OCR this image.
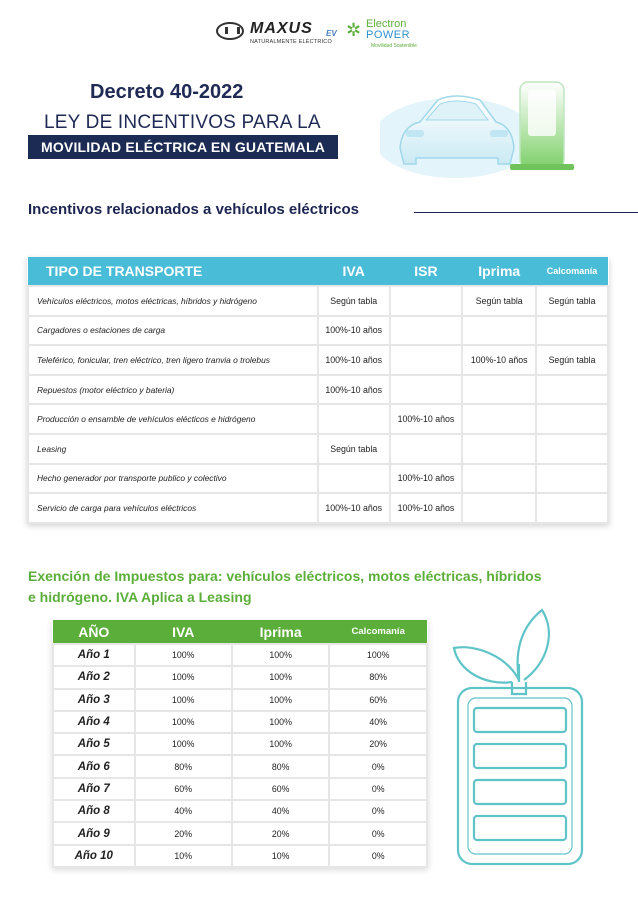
MAXUS EV
NATURALMENTE ELÉCTRICO
✲ Electron
POWER
Movilidad Sostenible
Decreto 40-2022
LEY DE INCENTIVOS PARA LA
MOVILIDAD ELÉCTRICA EN GUATEMALA
Incentivos relacionados a vehículos eléctricos
TIPO DE TRANSPORTE	IVA	ISR	Iprima	Calcomanía
Vehículos eléctricos, motos eléctricas, híbridos y hidrógeno	Según tabla		Según tabla	Según tabla
Cargadores o estaciones de carga	100%-10 años			
Teleférico, fonicular, tren eléctrico, tren ligero tranvia o trolebus	100%-10 años		100%-10 años	Según tabla
Repuestos (motor eléctrico y bateria)	100%-10 años			
Producción o ensamble de vehículos elécticos e hidrógeno		100%-10 años		
Leasing	Según tabla			
Hecho generador por transporte publico y colectivo		100%-10 años		
Servicio de carga para vehículos eléctricos	100%-10 años	100%-10 años		
Exención de Impuestos para: vehículos eléctricos, motos eléctricas, híbridos e hidrógeno. IVA Aplica a Leasing
AÑO	IVA	Iprima	Calcomanía
Año 1	100%	100%	100%
Año 2	100%	100%	80%
Año 3	100%	100%	60%
Año 4	100%	100%	40%
Año 5	100%	100%	20%
Año 6	80%	80%	0%
Año 7	60%	60%	0%
Año 8	40%	40%	0%
Año 9	20%	20%	0%
Año 10	10%	10%	0%
